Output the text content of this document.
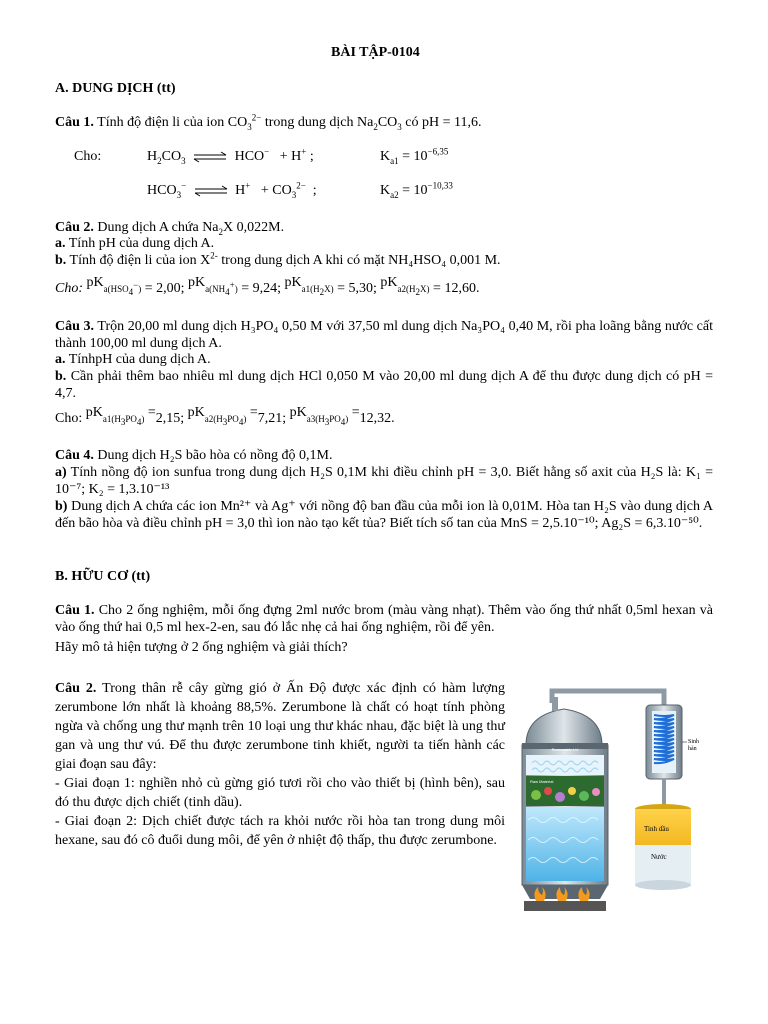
BÀI TẬP-0104
A. DUNG DỊCH (tt)
Câu 1. Tính độ điện li của ion $CO_3^{2-}$ trong dung dịch $Na_2CO_3$ có pH = 11,6.
Cho:	$H_2CO_3$ ⇌ HCO− + H+ ;	$K_{a1} = 10^{-6,35}$
$HCO_3^-$ ⇌ $H^+ + CO_3^{2-}$  ;	$K_{a2} = 10^{-10,33}$
Câu 2. Dung dịch A chứa $Na_2X$ 0,022M.
a. Tính pH của dung dịch A.
b. Tính độ điện li của ion $X^{2-}$ trong dung dịch A khi có mặt NH₄HSO₄ 0,001 M.
Cho: $pKa(HSO_4^-) = 2,00$; $pKa(NH_4^+) = 9,24$; $pKa1(H_2X) = 5,30$; $pKa2(H_2X) = 12,60$.
Câu 3. Trộn 20,00 ml dung dịch H₃PO₄ 0,50 M với 37,50 ml dung dịch Na₃PO₄ 0,40 M, rồi pha loãng bằng nước cất thành 100,00 ml dung dịch A.
a. TínhpH của dung dịch A.
b. Cần phải thêm bao nhiêu ml dung dịch HCl 0,050 M vào 20,00 ml dung dịch A để thu được dung dịch có pH = 4,7.
Cho: $pKa1(H_3PO_4) =2,15$; $pKa2(H_3PO_4) =7,21$; $pKa3(H_3PO_4) =12,32$.
Câu 4. Dung dịch H₂S bão hòa có nồng độ 0,1M.
a) Tính nồng độ ion sunfua trong dung dịch H₂S 0,1M khi điều chỉnh pH = 3,0. Biết hằng số axit của H₂S là: K₁ = 10⁻⁷; K₂ = 1,3.10⁻¹³
b) Dung dịch A chứa các ion Mn²⁺ và Ag⁺ với nồng độ ban đầu của mỗi ion là 0,01M. Hòa tan H₂S vào dung dịch A đến bão hòa và điều chỉnh pH = 3,0 thì ion nào tạo kết tủa? Biết tích số tan của MnS = 2,5.10⁻¹⁰; Ag₂S = 6,3.10⁻⁵⁰.
B. HỮU CƠ (tt)
Câu 1. Cho 2 ống nghiệm, mỗi ống đựng 2ml nước brom (màu vàng nhạt). Thêm vào ống thứ nhất 0,5ml hexan và vào ống thứ hai 0,5 ml hex-2-en, sau đó lắc nhẹ cả hai ống nghiệm, rồi để yên.
Hãy mô tả hiện tượng ở 2 ống nghiệm và giải thích?
Câu 2. Trong thân rễ cây gừng gió ở Ấn Độ được xác định có hàm lượng zerumbone lớn nhất là khoảng 88,5%. Zerumbone là chất có hoạt tính phòng ngừa và chống ung thư mạnh trên 10 loại ung thư khác nhau, đặc biệt là ung thư gan và ung thư vú. Để thu được zerumbone tinh khiết, người ta tiến hành các giai đoạn sau đây:
- Giai đoạn 1: nghiền nhỏ củ gừng gió tươi rồi cho vào thiết bị (hình bên), sau đó thu được dịch chiết (tinh dầu).
- Giai đoạn 2: Dịch chiết được tách ra khỏi nước rồi hòa tan trong dung môi hexane, sau đó cô đuổi dung môi, để yên ở nhiệt độ thấp, thu được zerumbone.
Removable Lid
Raw Material
Sinh
hàn
Tinh dầu
Nước
